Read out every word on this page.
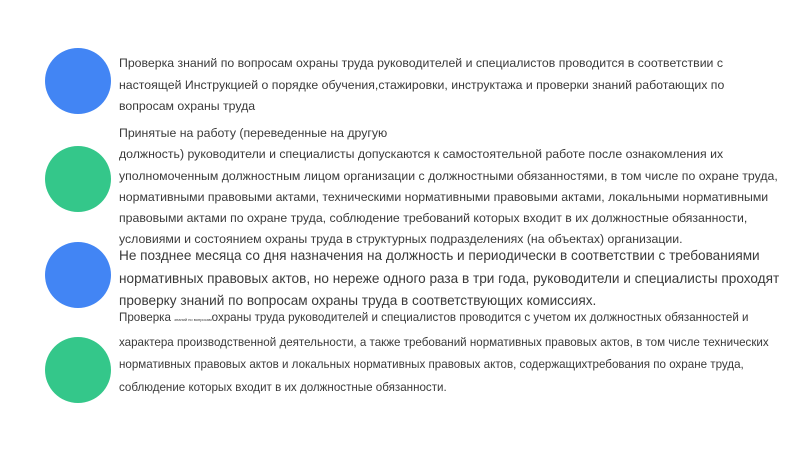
Проверка знаний по вопросам охраны труда руководителей и специалистов проводится в соответствии с
настоящей Инструкцией о порядке обучения,стажировки, инструктажа и проверки знаний работающих по
вопросам охраны труда
Принятые на работу (переведенные на другую
должность) руководители и специалисты допускаются к самостоятельной работе после ознакомления их
уполномоченным должностным лицом организации с должностными обязанностями, в том числе по охране труда,
нормативными правовыми актами, техническими нормативными правовыми актами, локальными нормативными
правовыми актами по охране труда, соблюдение требований которых входит в их должностные обязанности,
условиями и состоянием охраны труда в структурных подразделениях (на объектах) организации.
Не позднее месяца со дня назначения на должность и периодически в соответствии с требованиями
нормативных правовых актов, но нереже одного раза в три года, руководители и специалисты проходят
проверку знаний по вопросам охраны труда в соответствующих комиссиях.
Проверка знаний по вопросамохраны труда руководителей и специалистов проводится с учетом их должностных обязанностей и
характера производственной деятельности, а также требований нормативных правовых актов, в том числе технических
нормативных правовых актов и локальных нормативных правовых актов, содержащихтребования по охране труда,
соблюдение которых входит в их должностные обязанности.
